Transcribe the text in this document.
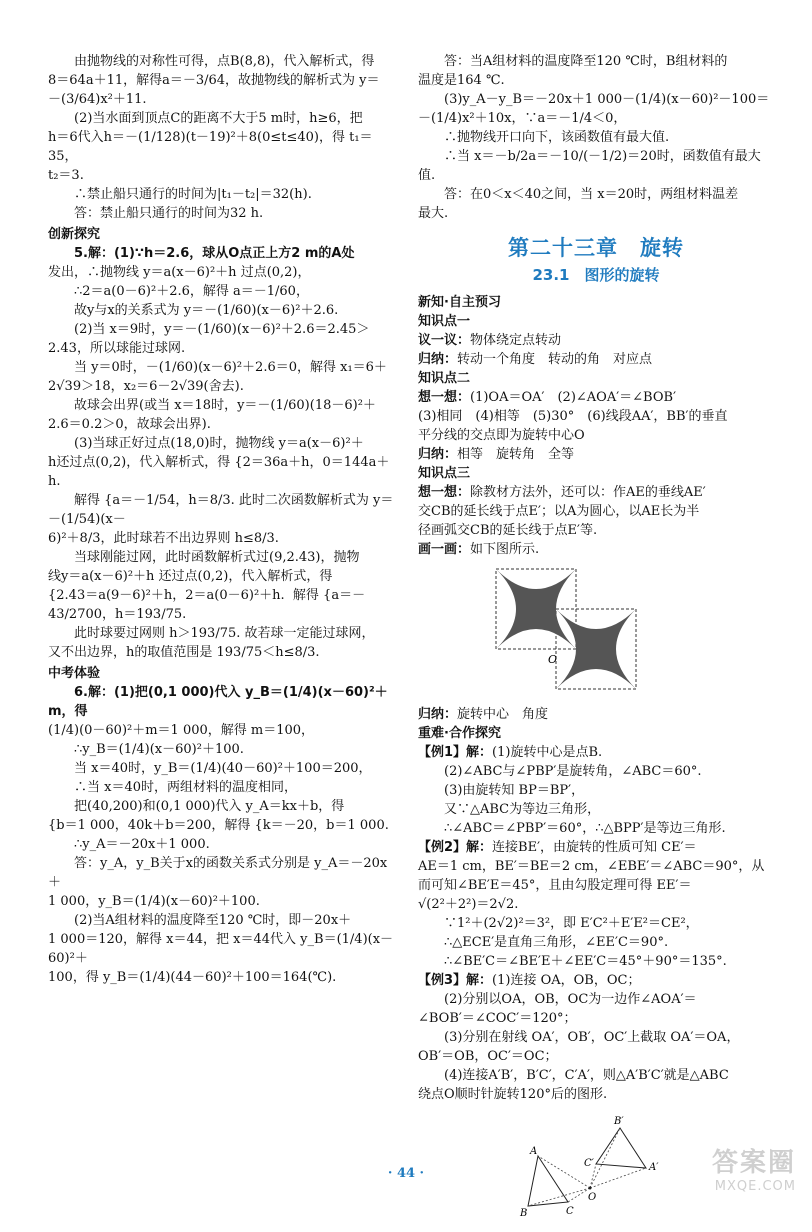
由抛物线的对称性可得，点B(8,8)，代入解析式，得

8＝64a＋11，解得a＝－3/64，故抛物线的解析式为 y＝

－(3/64)x²＋11.

(2)当水面到顶点C的距离不大于5 m时，h≥6，把

h＝6代入h＝－(1/128)(t－19)²＋8(0≤t≤40)，得 t₁＝35，

t₂＝3.

∴禁止船只通行的时间为|t₁－t₂|＝32(h).

答：禁止船只通行的时间为32 h.

创新探究

5.解：(1)∵h＝2.6，球从O点正上方2 m的A处

发出，∴抛物线 y＝a(x－6)²＋h 过点(0,2)，

∴2＝a(0－6)²＋2.6，解得 a＝－1/60，

故y与x的关系式为 y＝－(1/60)(x－6)²＋2.6.

(2)当 x＝9时，y＝－(1/60)(x－6)²＋2.6＝2.45＞

2.43，所以球能过球网.

当 y＝0时，－(1/60)(x－6)²＋2.6＝0，解得 x₁＝6＋

2√39＞18，x₂＝6－2√39(舍去).

故球会出界(或当 x＝18时，y＝－(1/60)(18－6)²＋

2.6＝0.2＞0，故球会出界).

(3)当球正好过点(18,0)时，抛物线 y＝a(x－6)²＋

h还过点(0,2)，代入解析式，得 {2＝36a＋h，0＝144a＋h.

解得 {a＝－1/54，h＝8/3. 此时二次函数解析式为 y＝－(1/54)(x－

6)²＋8/3，此时球若不出边界则 h≤8/3.

当球刚能过网，此时函数解析式过(9,2.43)，抛物

线y＝a(x－6)²＋h 还过点(0,2)，代入解析式，得

{2.43＝a(9－6)²＋h，2＝a(0－6)²＋h.  解得 {a＝－43/2700，h＝193/75.

此时球要过网则 h＞193/75. 故若球一定能过球网，

又不出边界，h的取值范围是 193/75＜h≤8/3.

中考体验

6.解：(1)把(0,1 000)代入 y_B＝(1/4)(x－60)²＋m，得

(1/4)(0－60)²＋m＝1 000，解得 m＝100，

∴y_B＝(1/4)(x－60)²＋100.

当 x＝40时，y_B＝(1/4)(40－60)²＋100＝200，

∴当 x＝40时，两组材料的温度相同，

把(40,200)和(0,1 000)代入 y_A＝kx＋b，得

{b＝1 000，40k＋b＝200，解得 {k＝－20，b＝1 000.

∴y_A＝－20x＋1 000.

答：y_A，y_B关于x的函数关系式分别是 y_A＝－20x＋

1 000，y_B＝(1/4)(x－60)²＋100.

(2)当A组材料的温度降至120 ℃时，即－20x＋

1 000＝120，解得 x＝44，把 x＝44代入 y_B＝(1/4)(x－60)²＋

100，得 y_B＝(1/4)(44－60)²＋100＝164(℃).

答：当A组材料的温度降至120 ℃时，B组材料的

温度是164 ℃.

(3)y_A－y_B＝－20x＋1 000－(1/4)(x－60)²－100＝

－(1/4)x²＋10x，∵a＝－1/4＜0，

∴抛物线开口向下，该函数值有最大值.

∴当 x＝－b/2a＝－10/(－1/2)＝20时，函数值有最大值.

答：在0＜x＜40之间，当 x＝20时，两组材料温差

最大.

第二十三章　旋转
23.1　图形的旋转

新知·自主预习

知识点一

议一议：物体绕定点转动

归纳：转动一个角度　转动的角　对应点

知识点二

想一想：(1)OA＝OA′　(2)∠AOA′＝∠BOB′

(3)相同　(4)相等　(5)30°　(6)线段AA′，BB′的垂直

平分线的交点即为旋转中心O

归纳：相等　旋转角　全等

知识点三

想一想：除教材方法外，还可以：作AE的垂线AE′

交CB的延长线于点E′；以A为圆心，以AE长为半

径画弧交CB的延长线于点E′等.

画一画：如下图所示.

O

归纳：旋转中心　角度

重难·合作探究

【例1】解：(1)旋转中心是点B.

(2)∠ABC与∠PBP′是旋转角，∠ABC＝60°.

(3)由旋转知 BP＝BP′，

又∵△ABC为等边三角形，

∴∠ABC＝∠PBP′＝60°，∴△BPP′是等边三角形.

【例2】解：连接BE′，由旋转的性质可知 CE′＝

AE＝1 cm，BE′＝BE＝2 cm，∠EBE′＝∠ABC＝90°，从

而可知∠BE′E＝45°，且由勾股定理可得 EE′＝

√(2²＋2²)＝2√2.

∵1²＋(2√2)²＝3²，即 E′C²＋E′E²＝CE²，

∴△ECE′是直角三角形，∠EE′C＝90°.

∴∠BE′C＝∠BE′E＋∠EE′C＝45°＋90°＝135°.

【例3】解：(1)连接 OA，OB，OC；

(2)分别以OA，OB，OC为一边作∠AOA′＝

∠BOB′＝∠COC′＝120°；

(3)分别在射线 OA′，OB′，OC′上截取 OA′＝OA，

OB′＝OB，OC′＝OC；

(4)连接A′B′，B′C′，C′A′，则△A′B′C′就是△ABC

绕点O顺时针旋转120°后的图形.

A
B	C
O
A′
B′
C′
· 44 ·	答案圈
MXQE.COM
